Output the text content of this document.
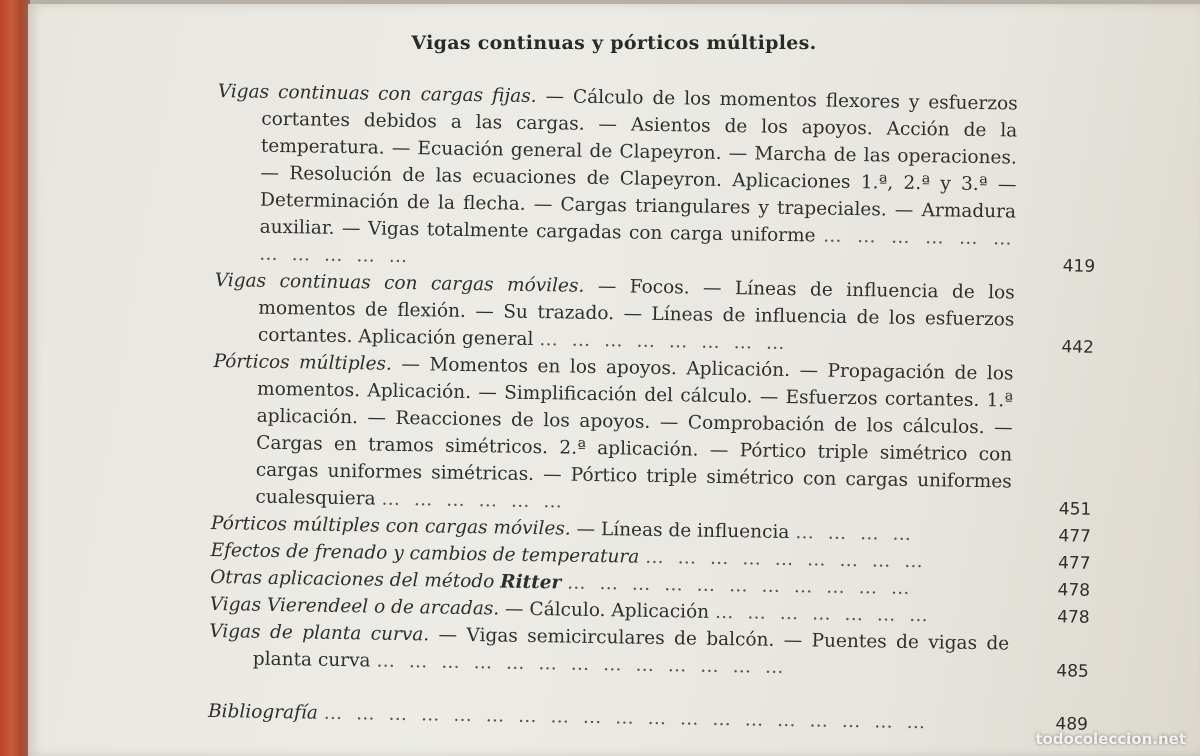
Vigas continuas y pórticos múltiples.
Vigas continuas con cargas fijas. — Cálculo de los momentos flexores y esfuerzos cortantes debidos a las cargas. — Asientos de los apoyos. Acción de la temperatura. — Ecuación general de Clapeyron. — Marcha de las operaciones. — Resolución de las ecuaciones de Clapeyron. Aplicaciones 1.ª, 2.ª y 3.ª — Determinación de la flecha. — Cargas triangulares y trapeciales. — Armadura auxiliar. — Vigas totalmente cargadas con carga uniforme … … … … … … … … … … …	419
Vigas continuas con cargas móviles. — Focos. — Líneas de influencia de los momentos de flexión. — Su trazado. — Líneas de influencia de los esfuerzos cortantes. Aplicación general … … … … … … … …	442
Pórticos múltiples. — Momentos en los apoyos. Aplicación. — Propagación de los momentos. Aplicación. — Simplificación del cálculo. — Esfuerzos cortantes. 1.ª aplicación. — Reacciones de los apoyos. — Comprobación de los cálculos. — Cargas en tramos simétricos. 2.ª aplicación. — Pórtico triple simétrico con cargas uniformes simétricas. — Pórtico triple simétrico con cargas uniformes cualesquiera … … … … … …	451
Pórticos múltiples con cargas móviles. — Líneas de influencia … … … …	477
Efectos de frenado y cambios de temperatura … … … … … … … … …	477
Otras aplicaciones del método Ritter … … … … … … … … … … …	478
Vigas Vierendeel o de arcadas. — Cálculo. Aplicación … … … … … … …	478
Vigas de planta curva. — Vigas semicirculares de balcón. — Puentes de vigas de planta curva … … … … … … … … … … … … …	485
Bibliografía … … … … … … … … … … … … … … … … … … …	489
todocoleccion.net
